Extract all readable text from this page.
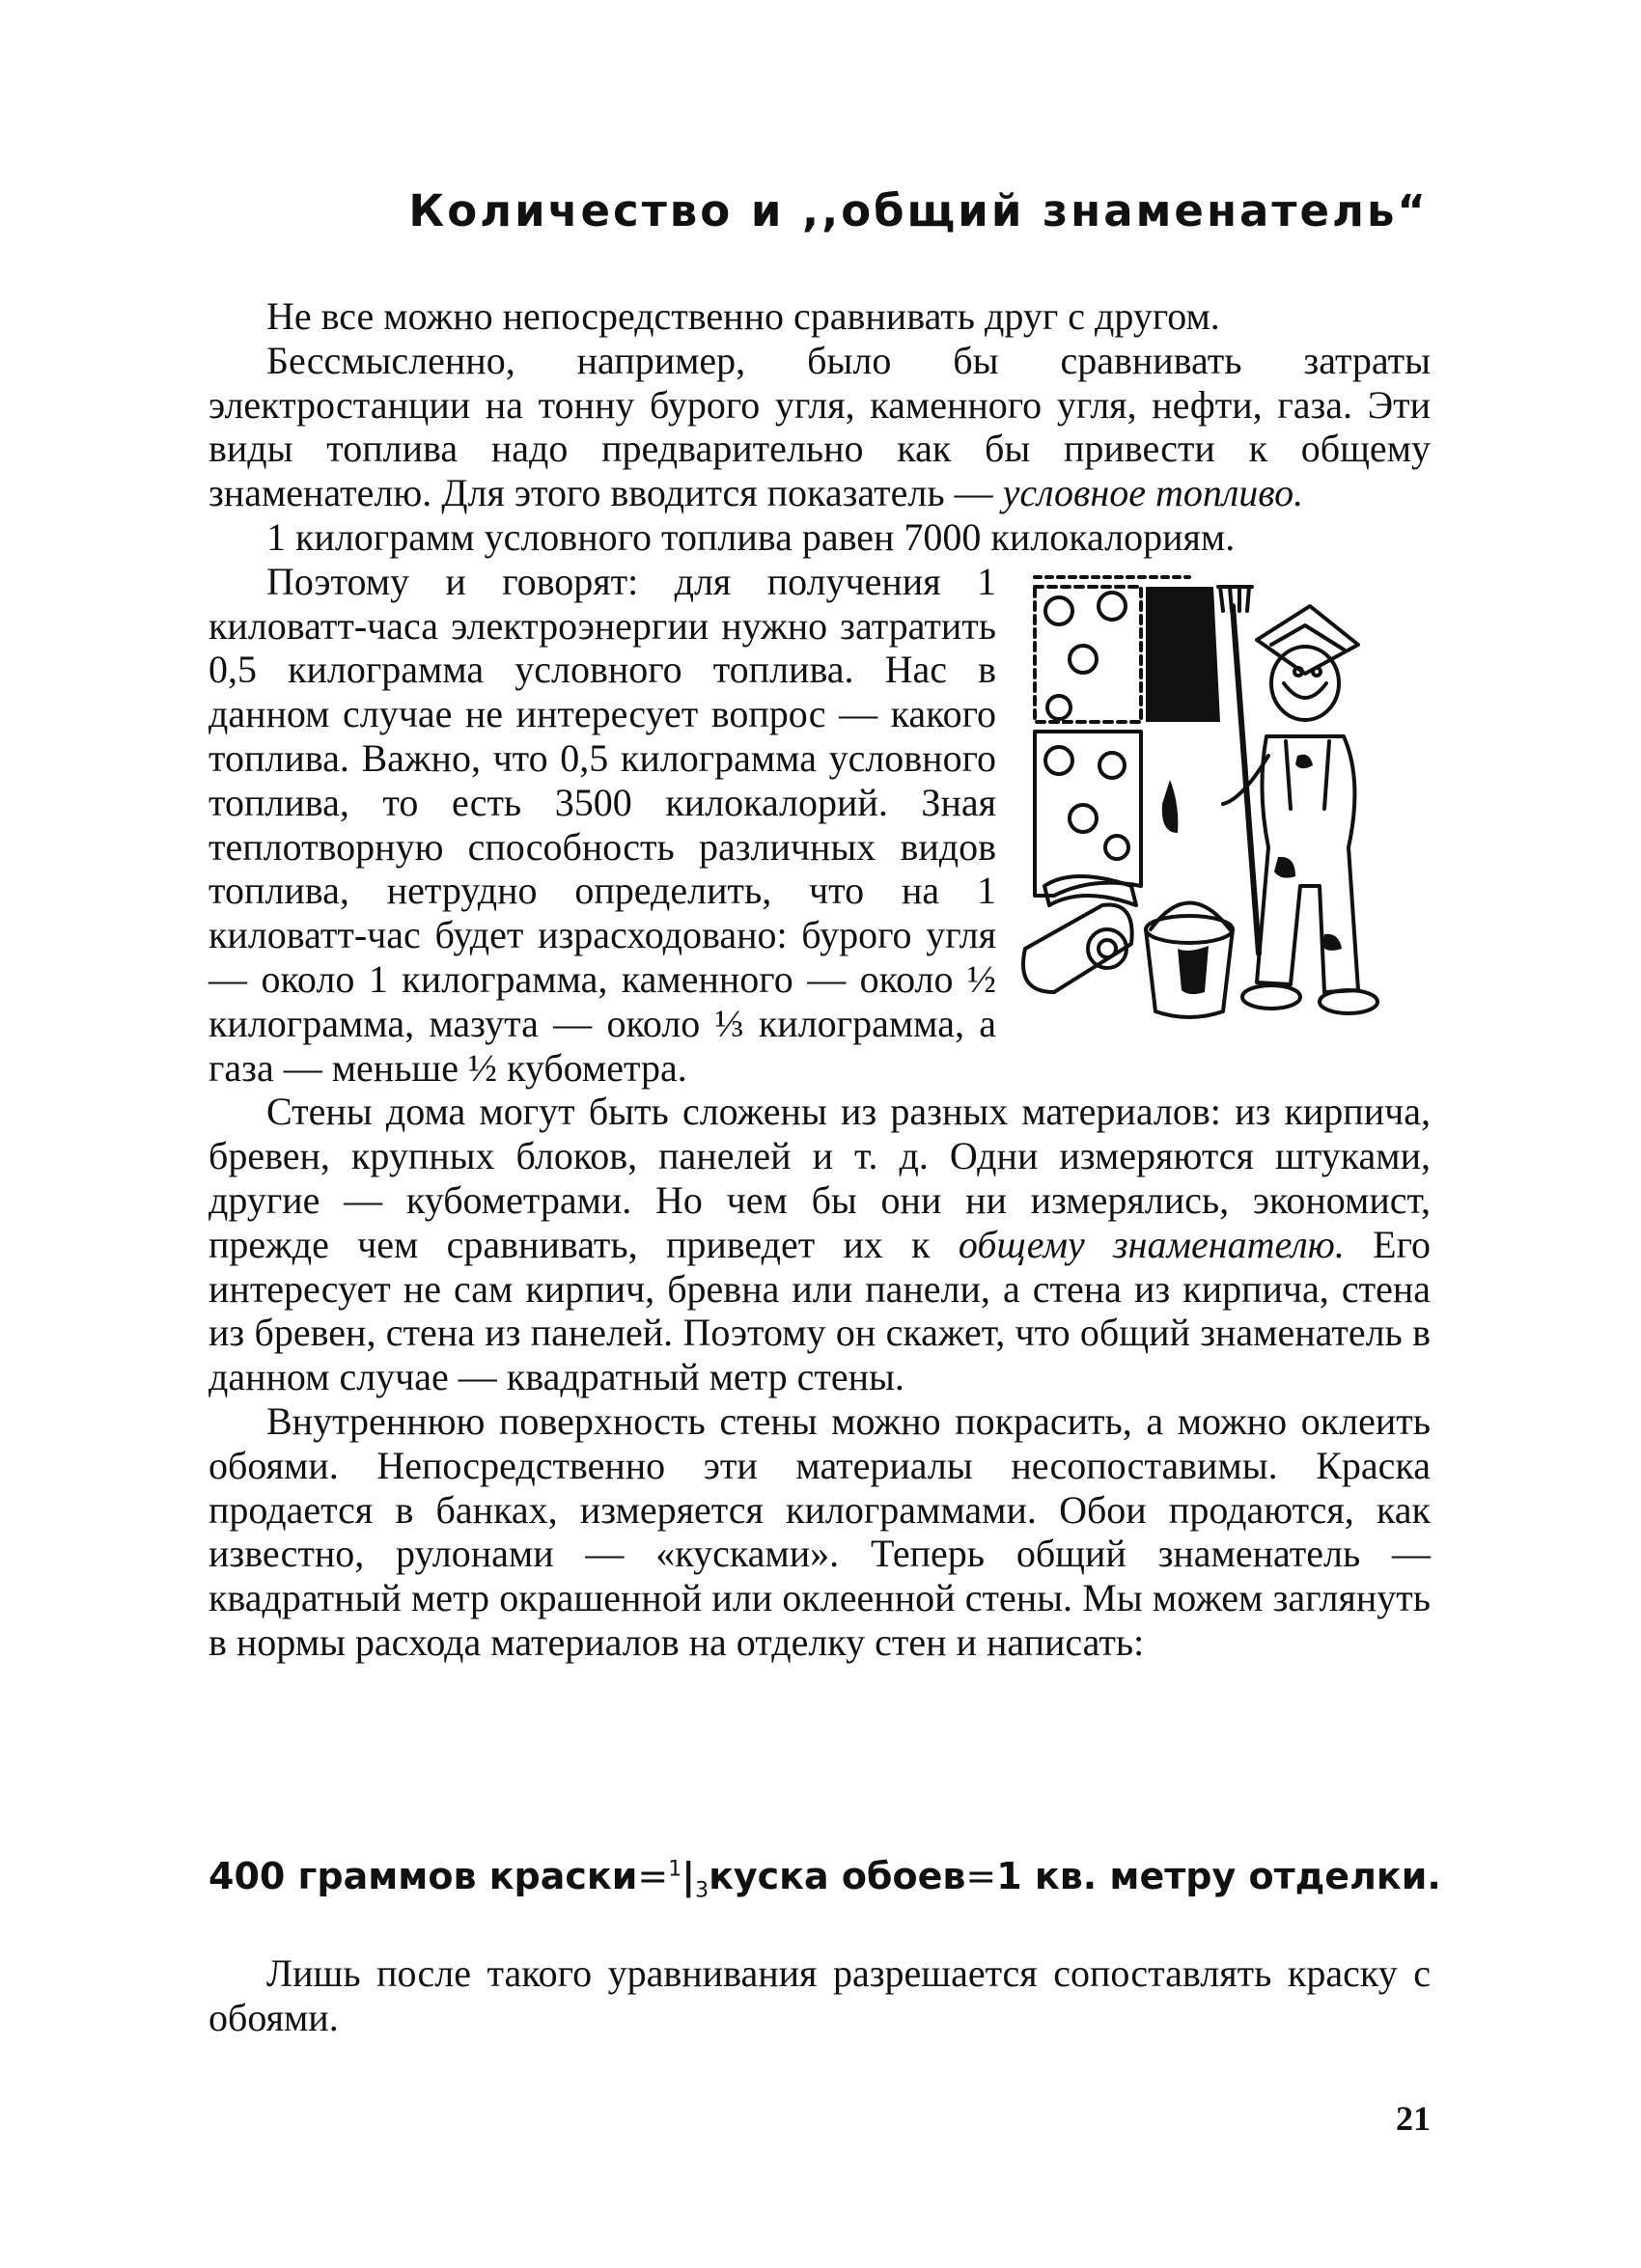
Количество и ,,общий знаменатель“

Не все можно непосредственно сравнивать друг с другом.

Бессмысленно, например, было бы сравнивать затраты электростанции на тонну бурого угля, каменного угля, нефти, газа. Эти виды топлива надо предварительно как бы привести к общему знаменателю. Для этого вводится показатель — условное топливо.

1 килограмм условного топлива равен 7000 килокалориям.

Поэтому и говорят: для получения 1 киловатт-часа электроэнергии нужно затратить 0,5 килограмма условного топлива. Нас в данном случае не интересует вопрос — какого топлива. Важно, что 0,5 килограмма условного топлива, то есть 3500 килокалорий. Зная теплотворную способность различных видов топлива, нетрудно определить, что на 1 киловатт-час будет израсходовано: бурого угля — около 1 килограмма, каменного — около ½ килограмма, мазута — около ⅓ килограмма, а газа — меньше ½ кубометра.

Стены дома могут быть сложены из разных материалов: из кирпича, бревен, крупных блоков, панелей и т. д. Одни измеряются штуками, другие — кубометрами. Но чем бы они ни измерялись, экономист, прежде чем сравнивать, приведет их к общему знаменателю. Его интересует не сам кирпич, бревна или панели, а стена из кирпича, стена из бревен, стена из панелей. Поэтому он скажет, что общий знаменатель в данном случае — квадратный метр стены.

Внутреннюю поверхность стены можно покрасить, а можно оклеить обоями. Непосредственно эти материалы несопоставимы. Краска продается в банках, измеряется килограммами. Обои продаются, как известно, рулонами — «кусками». Теперь общий знаменатель — квадратный метр окрашенной или оклеенной стены. Мы можем заглянуть в нормы расхода материалов на отделку стен и написать:

400 граммов $краски=^1|_3$ куска обоев= 1 кв. метру отделки.

Лишь после такого уравнивания разрешается сопоставлять краску с обоями.

21
